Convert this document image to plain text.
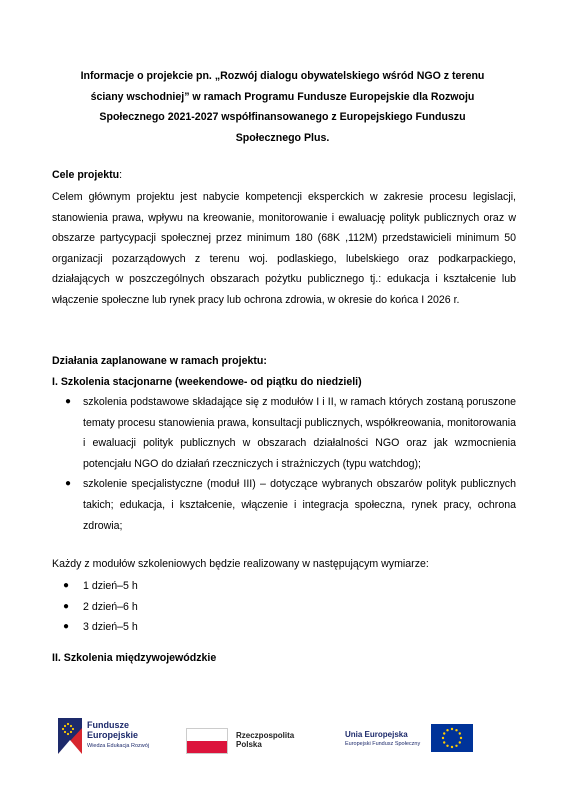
Informacje o projekcie pn. „Rozwój dialogu obywatelskiego wśród NGO z terenu
ściany wschodniej” w ramach Programu Fundusze Europejskie dla Rozwoju
Społecznego 2021-2027 współfinansowanego z Europejskiego Funduszu
Społecznego Plus.
Cele projektu:
Celem głównym projektu jest nabycie kompetencji eksperckich w zakresie procesu legislacji, stanowienia prawa, wpływu na kreowanie, monitorowanie i ewaluację polityk publicznych oraz w obszarze partycypacji społecznej przez minimum 180 (68K ,112M) przedstawicieli minimum 50 organizacji pozarządowych z terenu woj. podlaskiego, lubelskiego oraz podkarpackiego, działających w poszczególnych obszarach pożytku publicznego tj.: edukacja i kształcenie lub włączenie społeczne lub rynek pracy lub ochrona zdrowia, w okresie do końca I 2026 r.
Działania zaplanowane w ramach projektu:
I. Szkolenia stacjonarne (weekendowe- od piątku do niedzieli)
● szkolenia podstawowe składające się z modułów I i II, w ramach których zostaną poruszone tematy procesu stanowienia prawa, konsultacji publicznych, współkreowania, monitorowania i ewaluacji polityk publicznych w obszarach działalności NGO oraz jak wzmocnienia potencjału NGO do działań rzeczniczych i strażniczych (typu watchdog);
● szkolenie specjalistyczne (moduł III) – dotyczące wybranych obszarów polityk publicznych takich; edukacja, i kształcenie, włączenie i integracja społeczna, rynek pracy, ochrona zdrowia;
Każdy z modułów szkoleniowych będzie realizowany w następującym wymiarze:
● 1 dzień–5 h
● 2 dzień–6 h
● 3 dzień–5 h
II. Szkolenia międzywojewódzkie
Fundusze
Europejskie
Wiedza Edukacja Rozwój
Rzeczpospolita
Polska
Unia Europejska
Europejski Fundusz Społeczny
